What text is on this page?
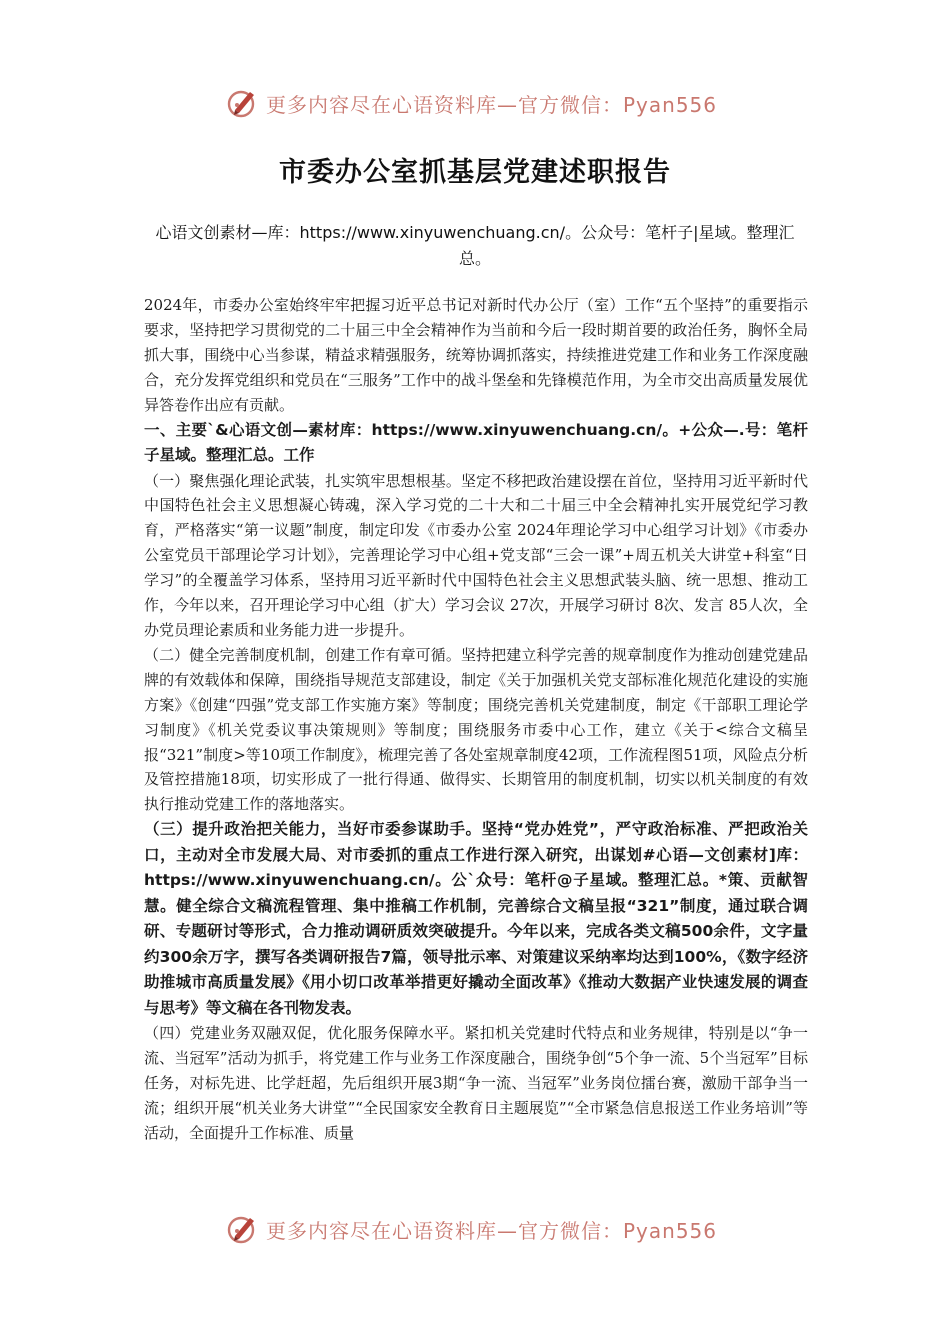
更多内容尽在心语资料库—官方微信：Pyan556
市委办公室抓基层党建述职报告
心语文创素材—库：https://www.xinyuwenchuang.cn/。公众号：笔杆子|星域。整理汇总。

2024年，市委办公室始终牢牢把握习近平总书记对新时代办公厅（室）工作“五个坚持”的重要指示要求，坚持把学习贯彻党的二十届三中全会精神作为当前和今后一段时期首要的政治任务，胸怀全局抓大事，围绕中心当参谋，精益求精强服务，统筹协调抓落实，持续推进党建工作和业务工作深度融合，充分发挥党组织和党员在“三服务”工作中的战斗堡垒和先锋模范作用，为全市交出高质量发展优异答卷作出应有贡献。

一、主要`&心语文创—素材库：https://www.xinyuwenchuang.cn/。+公众—.号：笔杆子星域。整理汇总。工作

（一）聚焦强化理论武装，扎实筑牢思想根基。坚定不移把政治建设摆在首位，坚持用习近平新时代中国特色社会主义思想凝心铸魂，深入学习党的二十大和二十届三中全会精神扎实开展党纪学习教育，严格落实“第一议题”制度，制定印发《市委办公室 2024年理论学习中心组学习计划》《市委办公室党员干部理论学习计划》，完善理论学习中心组+党支部“三会一课”+周五机关大讲堂+科室“日学习”的全覆盖学习体系，坚持用习近平新时代中国特色社会主义思想武装头脑、统一思想、推动工作，今年以来，召开理论学习中心组（扩大）学习会议 27次，开展学习研讨 8次、发言 85人次，全办党员理论素质和业务能力进一步提升。

（二）健全完善制度机制，创建工作有章可循。坚持把建立科学完善的规章制度作为推动创建党建品牌的有效载体和保障，围绕指导规范支部建设，制定《关于加强机关党支部标准化规范化建设的实施方案》《创建“四强”党支部工作实施方案》等制度；围绕完善机关党建制度，制定《干部职工理论学习制度》《机关党委议事决策规则》等制度；围绕服务市委中心工作，建立《关于<综合文稿呈报“321”制度>等10项工作制度》，梳理完善了各处室规章制度42项，工作流程图51项，风险点分析及管控措施18项，切实形成了一批行得通、做得实、长期管用的制度机制，切实以机关制度的有效执行推动党建工作的落地落实。

（三）提升政治把关能力，当好市委参谋助手。坚持“党办姓党”，严守政治标准、严把政治关口，主动对全市发展大局、对市委抓的重点工作进行深入研究，出谋划#心语—文创素材]库：https://www.xinyuwenchuang.cn/。公`众号：笔杆@子星域。整理汇总。*策、贡献智慧。健全综合文稿流程管理、集中推稿工作机制，完善综合文稿呈报“321”制度，通过联合调研、专题研讨等形式，合力推动调研质效突破提升。今年以来，完成各类文稿500余件，文字量约300余万字，撰写各类调研报告7篇，领导批示率、对策建议采纳率均达到100%，《数字经济助推城市高质量发展》《用小切口改革举措更好撬动全面改革》《推动大数据产业快速发展的调查与思考》等文稿在各刊物发表。

（四）党建业务双融双促，优化服务保障水平。紧扣机关党建时代特点和业务规律，特别是以“争一流、当冠军”活动为抓手，将党建工作与业务工作深度融合，围绕争创“5个争一流、5个当冠军”目标任务，对标先进、比学赶超，先后组织开展3期“争一流、当冠军”业务岗位擂台赛，激励干部争当一流；组织开展“机关业务大讲堂”“全民国家安全教育日主题展览”“全市紧急信息报送工作业务培训”等活动，全面提升工作标准、质量

更多内容尽在心语资料库—官方微信：Pyan556
